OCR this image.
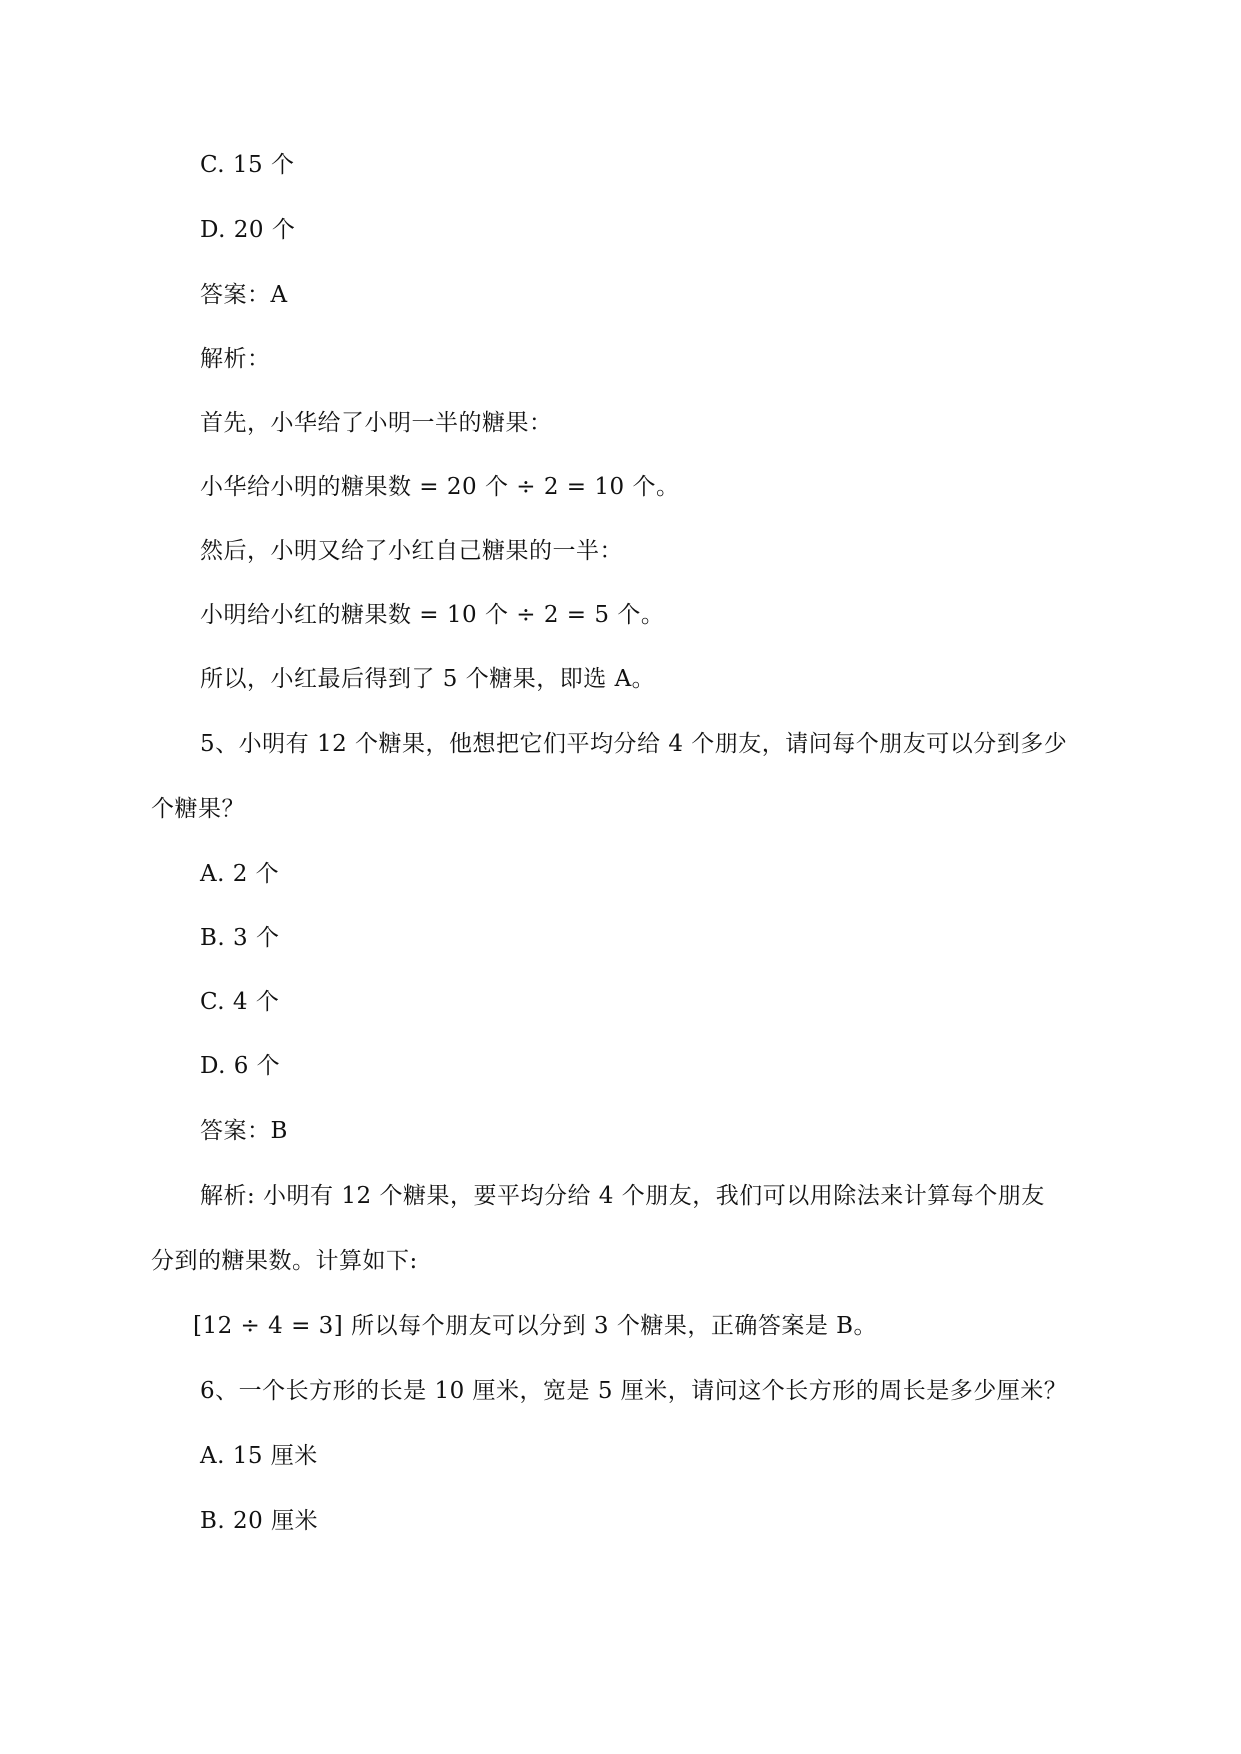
C. 15 个
D. 20 个
答案：A
解析：
首先，小华给了小明一半的糖果：
小华给小明的糖果数 = 20 个 ÷ 2 = 10 个。
然后，小明又给了小红自己糖果的一半：
小明给小红的糖果数 = 10 个 ÷ 2 = 5 个。
所以，小红最后得到了 5 个糖果，即选 A。
5、小明有 12 个糖果，他想把它们平均分给 4 个朋友，请问每个朋友可以分到多少
个糖果？
A. 2 个
B. 3 个
C. 4 个
D. 6 个
答案：B
解析: 小明有 12 个糖果，要平均分给 4 个朋友，我们可以用除法来计算每个朋友
分到的糖果数。计算如下:
[12 ÷ 4 = 3] 所以每个朋友可以分到 3 个糖果，正确答案是 B。
6、一个长方形的长是 10 厘米，宽是 5 厘米，请问这个长方形的周长是多少厘米？
A. 15 厘米
B. 20 厘米
